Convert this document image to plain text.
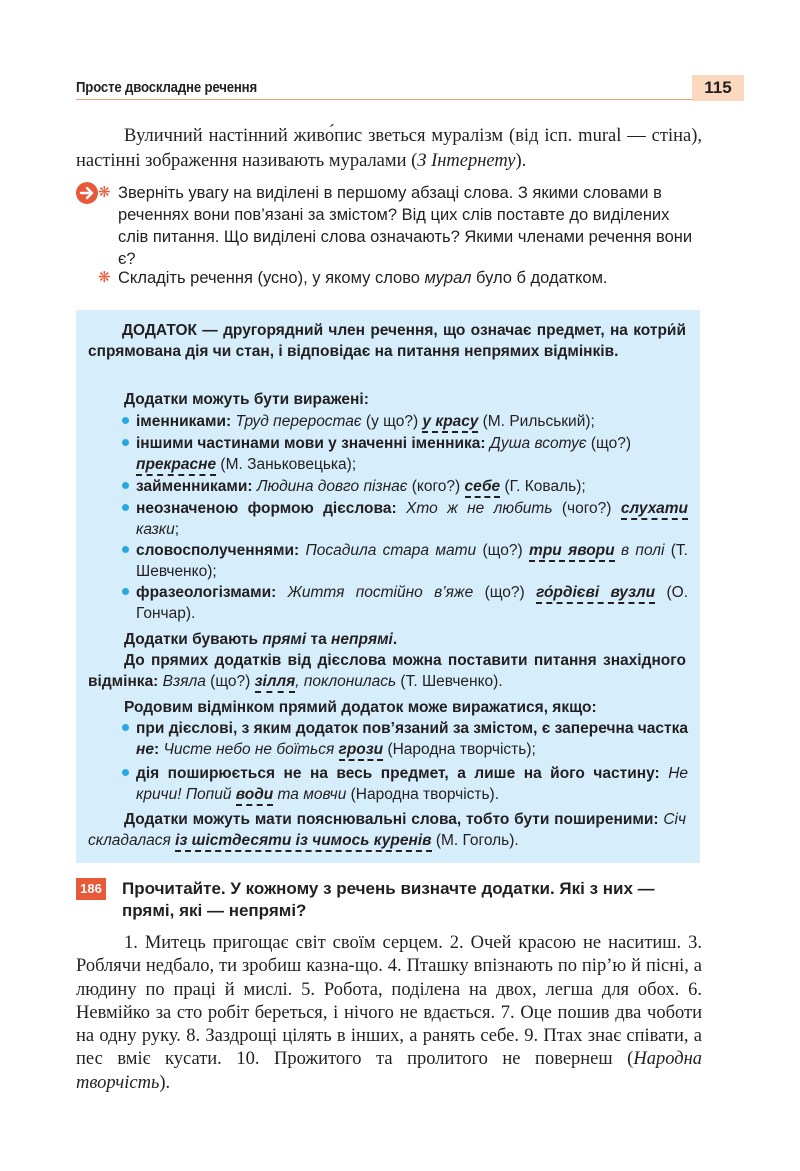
Просте двоскладне речення	115
Вуличний настінний живо́пис зветься муралізм (від ісп. mural — стіна), настінні зображення називають муралами (З Інтернету).
❋ Зверніть увагу на виділені в першому абзаці слова. З якими словами в реченнях вони пов’язані за змістом? Від цих слів поставте до виділених слів питання. Що виділені слова означають? Якими членами речення вони є?
❋ Складіть речення (усно), у якому слово мурал було б додатком.
ДОДАТОК — другорядний член речення, що означає предмет, на котри́й спрямована дія чи стан, і відповідає на питання непрямих відмінків.
Додатки можуть бути виражені:
іменниками: Труд переростає (у що?) у красу (М. Рильський);
іншими частинами мови у значенні іменника: Душа всотує (що?) прекрасне (М. Заньковецька);
займенниками: Людина довго пізнає (кого?) себе (Г. Коваль);
неозначеною формою дієслова: Хто ж не любить (чого?) слухати казки;
словосполученнями: Посадила стара мати (що?) три явори в полі (Т. Шевченко);
фразеологізмами: Життя постійно в’яже (що?) го́рдієві вузли (О. Гончар).
Додатки бувають прямі та непрямі.
До прямих додатків від дієслова можна поставити питання знахідного відмінка: Взяла (що?) зілля, поклонилась (Т. Шевченко).
Родовим відмінком прямий додаток може виражатися, якщо:
при дієслові, з яким додаток пов’язаний за змістом, є заперечна частка не: Чисте небо не боїться грози (Народна творчість);
дія поширюється не на весь предмет, а лише на його частину: Не кричи! Попий води та мовчи (Народна творчість).
Додатки можуть мати пояснювальні слова, тобто бути поширеними: Січ складалася із шістдесяти із чимось куренів (М. Гоголь).
186 Прочитайте. У кожному з речень визначте додатки. Які з них — прямі, які — непрямі?
1. Митець пригощає світ своїм серцем. 2. Очей красою не наситиш. 3. Роблячи недбало, ти зробиш казна-що. 4. Пташку впізнають по пір’ю й пісні, а людину по праці й мислі. 5. Робота, поділена на двох, легша для обох. 6. Невмійко за сто робіт береться, і нічого не вдається. 7. Оце пошив два чоботи на одну руку. 8. Заздрощі цілять в інших, а ранять себе. 9. Птах знає співати, а пес вміє кусати. 10. Прожитого та пролитого не повернеш (Народна творчість).
